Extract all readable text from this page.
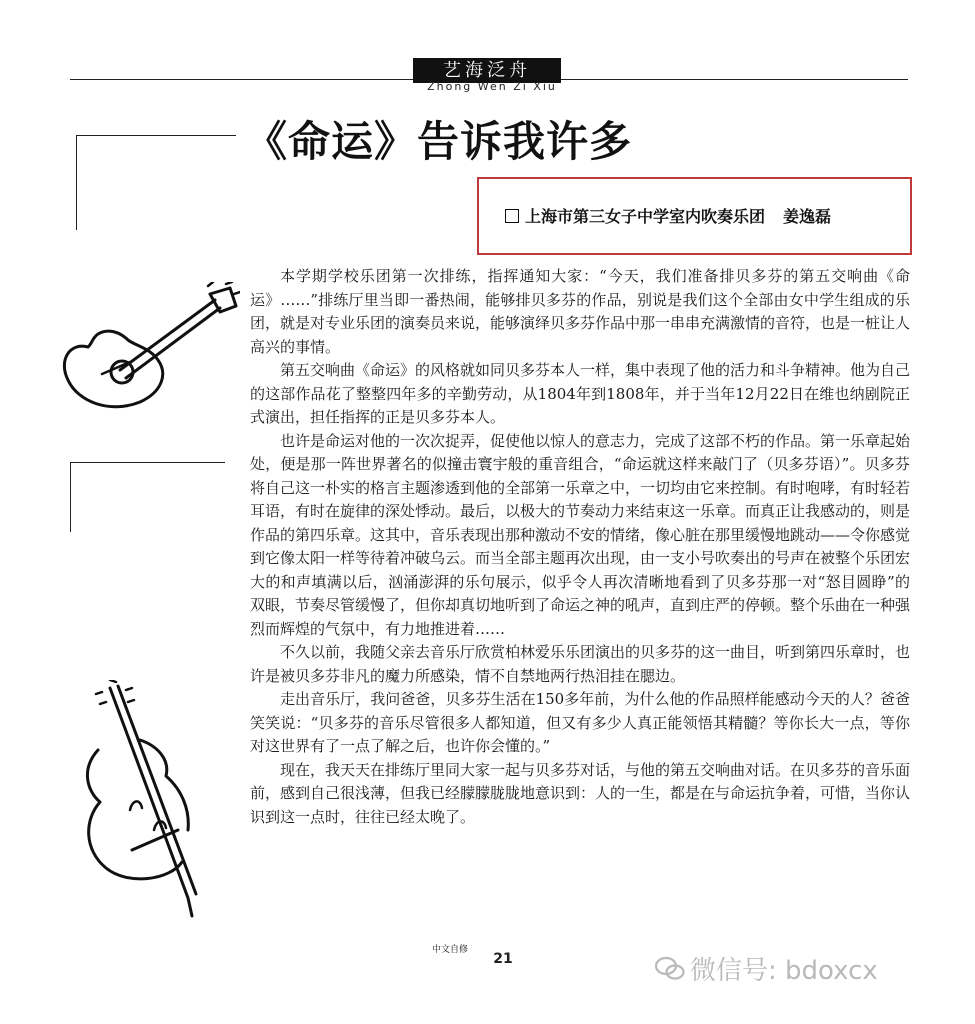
艺海泛舟
Zhong Wen Zi Xiu
《命运》告诉我许多
上海市第三女子中学室内吹奏乐团 姜逸磊

本学期学校乐团第一次排练，指挥通知大家：“今天，我们准备排贝多芬的第五交响曲《命运》……”排练厅里当即一番热闹，能够排贝多芬的作品，别说是我们这个全部由女中学生组成的乐团，就是对专业乐团的演奏员来说，能够演绎贝多芬作品中那一串串充满激情的音符，也是一桩让人高兴的事情。

第五交响曲《命运》的风格就如同贝多芬本人一样，集中表现了他的活力和斗争精神。他为自己的这部作品花了整整四年多的辛勤劳动，从1804年到1808年，并于当年12月22日在维也纳剧院正式演出，担任指挥的正是贝多芬本人。

也许是命运对他的一次次捉弄，促使他以惊人的意志力，完成了这部不朽的作品。第一乐章起始处，便是那一阵世界著名的似撞击寰宇般的重音组合，“命运就这样来敲门了（贝多芬语）”。贝多芬将自己这一朴实的格言主题渗透到他的全部第一乐章之中，一切均由它来控制。有时咆哮，有时轻若耳语，有时在旋律的深处悸动。最后，以极大的节奏动力来结束这一乐章。而真正让我感动的，则是作品的第四乐章。这其中，音乐表现出那种激动不安的情绪，像心脏在那里缓慢地跳动——令你感觉到它像太阳一样等待着冲破乌云。而当全部主题再次出现，由一支小号吹奏出的号声在被整个乐团宏大的和声填满以后，汹涌澎湃的乐句展示，似乎令人再次清晰地看到了贝多芬那一对“怒目圆睁”的双眼，节奏尽管缓慢了，但你却真切地听到了命运之神的吼声，直到庄严的停顿。整个乐曲在一种强烈而辉煌的气氛中，有力地推进着……

不久以前，我随父亲去音乐厅欣赏柏林爱乐乐团演出的贝多芬的这一曲目，听到第四乐章时，也许是被贝多芬非凡的魔力所感染，情不自禁地两行热泪挂在腮边。

走出音乐厅，我问爸爸，贝多芬生活在150多年前，为什么他的作品照样能感动今天的人？爸爸笑笑说：“贝多芬的音乐尽管很多人都知道，但又有多少人真正能领悟其精髓？等你长大一点，等你对这世界有了一点了解之后，也许你会懂的。”

现在，我天天在排练厅里同大家一起与贝多芬对话，与他的第五交响曲对话。在贝多芬的音乐面前，感到自己很浅薄，但我已经朦朦胧胧地意识到：人的一生，都是在与命运抗争着，可惜，当你认识到这一点时，往往已经太晚了。

中文自修
21	微信号: bdoxcx
